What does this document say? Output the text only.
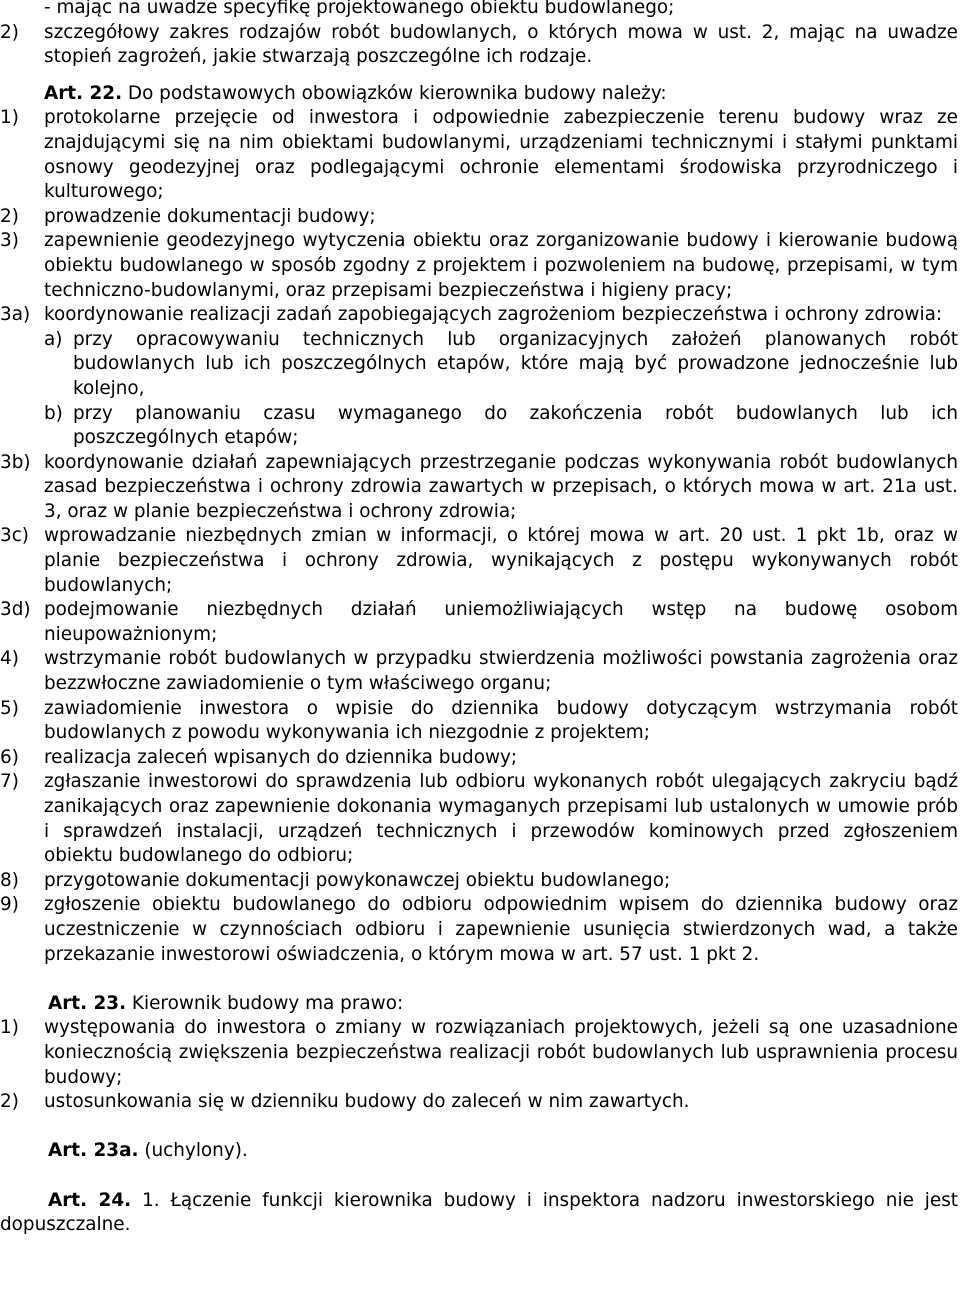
- mając na uwadze specyfikę projektowanego obiektu budowlanego;

2)	szczegółowy zakres rodzajów robót budowlanych, o których mowa w ust. 2, mając na uwadze stopień zagrożeń, jakie stwarzają poszczególne ich rodzaje.

Art. 22. Do podstawowych obowiązków kierownika budowy należy:

1)	protokolarne przejęcie od inwestora i odpowiednie zabezpieczenie terenu budowy wraz ze znajdującymi się na nim obiektami budowlanymi, urządzeniami technicznymi i stałymi punktami osnowy geodezyjnej oraz podlegającymi ochronie elementami środowiska przyrodniczego i kulturowego;
2)	prowadzenie dokumentacji budowy;
3)	zapewnienie geodezyjnego wytyczenia obiektu oraz zorganizowanie budowy i kierowanie budową obiektu budowlanego w sposób zgodny z projektem i pozwoleniem na budowę, przepisami, w tym techniczno-budowlanymi, oraz przepisami bezpieczeństwa i higieny pracy;
3a) koordynowanie realizacji zadań zapobiegających zagrożeniom bezpieczeństwa i ochrony zdrowia:
a) przy opracowywaniu technicznych lub organizacyjnych założeń planowanych robót budowlanych lub ich poszczególnych etapów, które mają być prowadzone jednocześnie lub kolejno,
b) przy planowaniu czasu wymaganego do zakończenia robót budowlanych lub ich poszczególnych etapów;
3b) koordynowanie działań zapewniających przestrzeganie podczas wykonywania robót budowlanych zasad bezpieczeństwa i ochrony zdrowia zawartych w przepisach, o których mowa w art. 21a ust. 3, oraz w planie bezpieczeństwa i ochrony zdrowia;
3c) wprowadzanie niezbędnych zmian w informacji, o której mowa w art. 20 ust. 1 pkt 1b, oraz w planie bezpieczeństwa i ochrony zdrowia, wynikających z postępu wykonywanych robót budowlanych;
3d) podejmowanie niezbędnych działań uniemożliwiających wstęp na budowę osobom nieupoważnionym;
4)	wstrzymanie robót budowlanych w przypadku stwierdzenia możliwości powstania zagrożenia oraz bezzwłoczne zawiadomienie o tym właściwego organu;
5)	zawiadomienie inwestora o wpisie do dziennika budowy dotyczącym wstrzymania robót budowlanych z powodu wykonywania ich niezgodnie z projektem;
6)	realizacja zaleceń wpisanych do dziennika budowy;
7)	zgłaszanie inwestorowi do sprawdzenia lub odbioru wykonanych robót ulegających zakryciu bądź zanikających oraz zapewnienie dokonania wymaganych przepisami lub ustalonych w umowie prób i sprawdzeń instalacji, urządzeń technicznych i przewodów kominowych przed zgłoszeniem obiektu budowlanego do odbioru;
8)	przygotowanie dokumentacji powykonawczej obiektu budowlanego;
9)	zgłoszenie obiektu budowlanego do odbioru odpowiednim wpisem do dziennika budowy oraz uczestniczenie w czynnościach odbioru i zapewnienie usunięcia stwierdzonych wad, a także przekazanie inwestorowi oświadczenia, o którym mowa w art. 57 ust. 1 pkt 2.

Art. 23. Kierownik budowy ma prawo:

1)	występowania do inwestora o zmiany w rozwiązaniach projektowych, jeżeli są one uzasadnione koniecznością zwiększenia bezpieczeństwa realizacji robót budowlanych lub usprawnienia procesu budowy;
2)	ustosunkowania się w dzienniku budowy do zaleceń w nim zawartych.

Art. 23a. (uchylony).

Art. 24. 1. Łączenie funkcji kierownika budowy i inspektora nadzoru inwestorskiego nie jest dopuszczalne.
